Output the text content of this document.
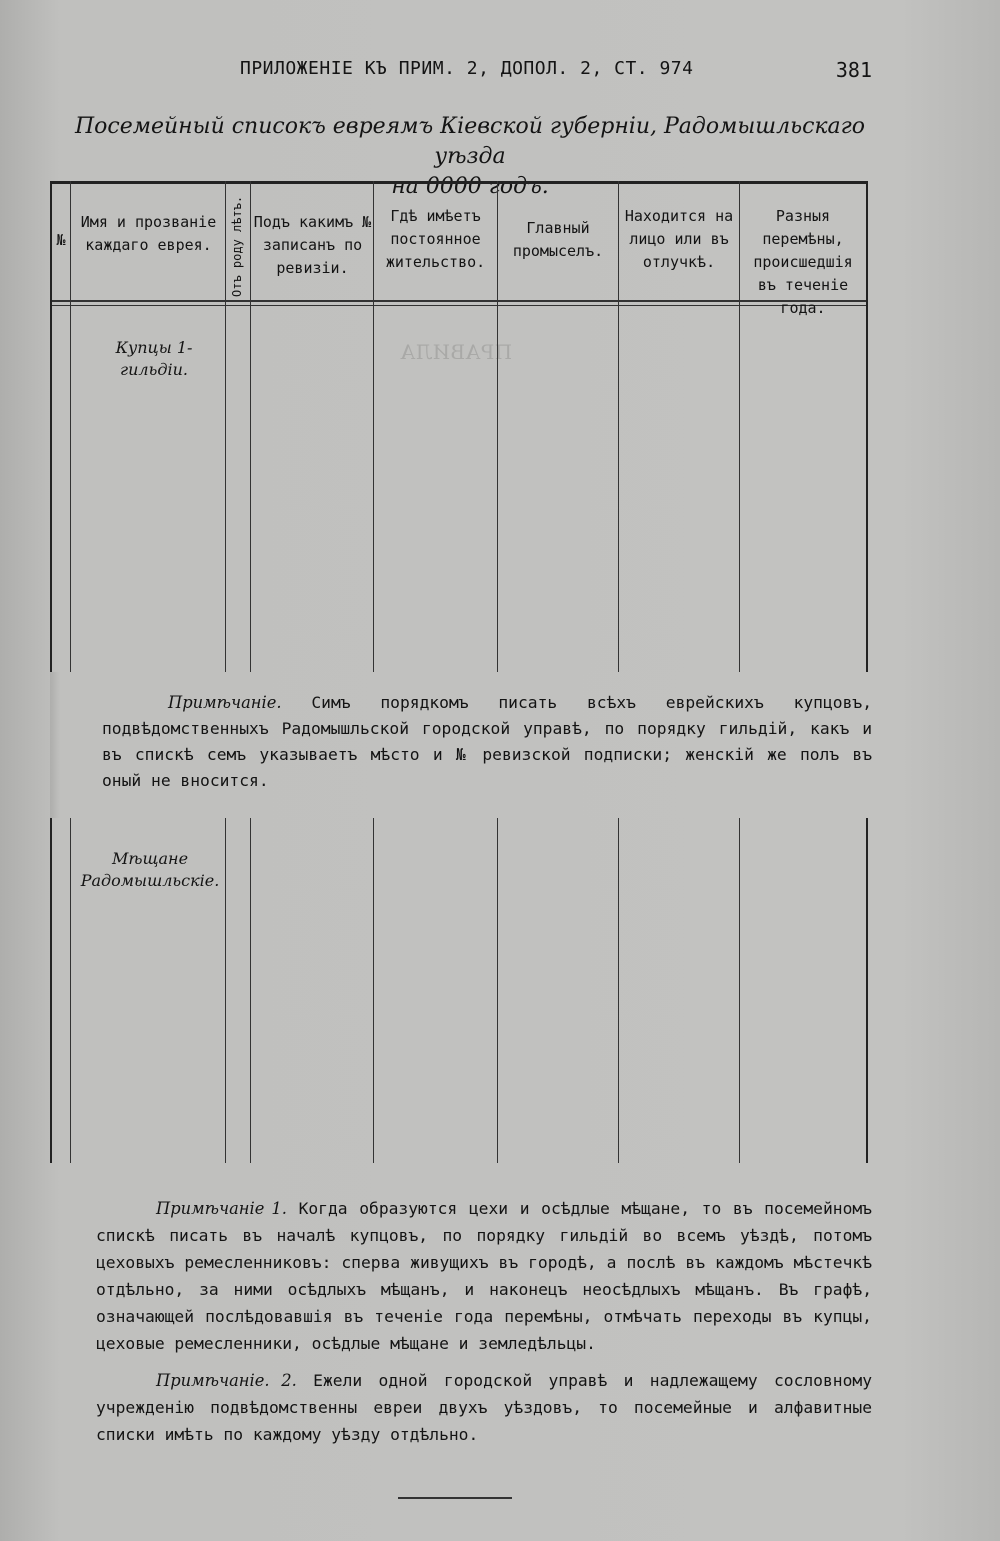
ПРИЛОЖЕНІЕ КЪ ПРИМ. 2, ДОПОЛ. 2, СТ. 974	381
Посемейный списокъ евреямъ Кіевской губерніи, Радомышльскаго уѣзда
на 0000 годъ.
ПРАВИЛА
№
Имя и прозваніе каждаго еврея.	Отъ роду лѣтъ. Подъ какимъ № записанъ по ревизіи.
Гдѣ имѣетъ постоянное жительство.
Главный промыселъ.
Находится на лицо или въ отлучкѣ.
Разныя перемѣны, происшедшія въ теченіе года.
Купцы 1-гильдіи.
Мѣщане Радомышльскіе.
Примѣчаніе. Симъ порядкомъ писать всѣхъ еврейскихъ купцовъ, подвѣдомственныхъ Радомышльской городской управѣ, по порядку гильдій, какъ и въ спискѣ семъ указываетъ мѣсто и № ревизской подписки; женскій же полъ въ оный не вносится.
Примѣчаніе 1. Когда образуются цехи и осѣдлые мѣщане, то въ посемейномъ спискѣ писать въ началѣ купцовъ, по порядку гильдій во всемъ уѣздѣ, потомъ цеховыхъ ремесленниковъ: сперва живущихъ въ городѣ, а послѣ въ каждомъ мѣстечкѣ отдѣльно, за ними осѣдлыхъ мѣщанъ, и наконецъ неосѣдлыхъ мѣщанъ. Въ графѣ, означающей послѣдовавшія въ теченіе года перемѣны, отмѣчать переходы въ купцы, цеховые ремесленники, осѣдлые мѣщане и земледѣльцы.
Примѣчаніе. 2. Ежели одной городской управѣ и надлежащему сословному учрежденію подвѣдомственны евреи двухъ уѣздовъ, то посемейные и алфавитные списки имѣть по каждому уѣзду отдѣльно.
